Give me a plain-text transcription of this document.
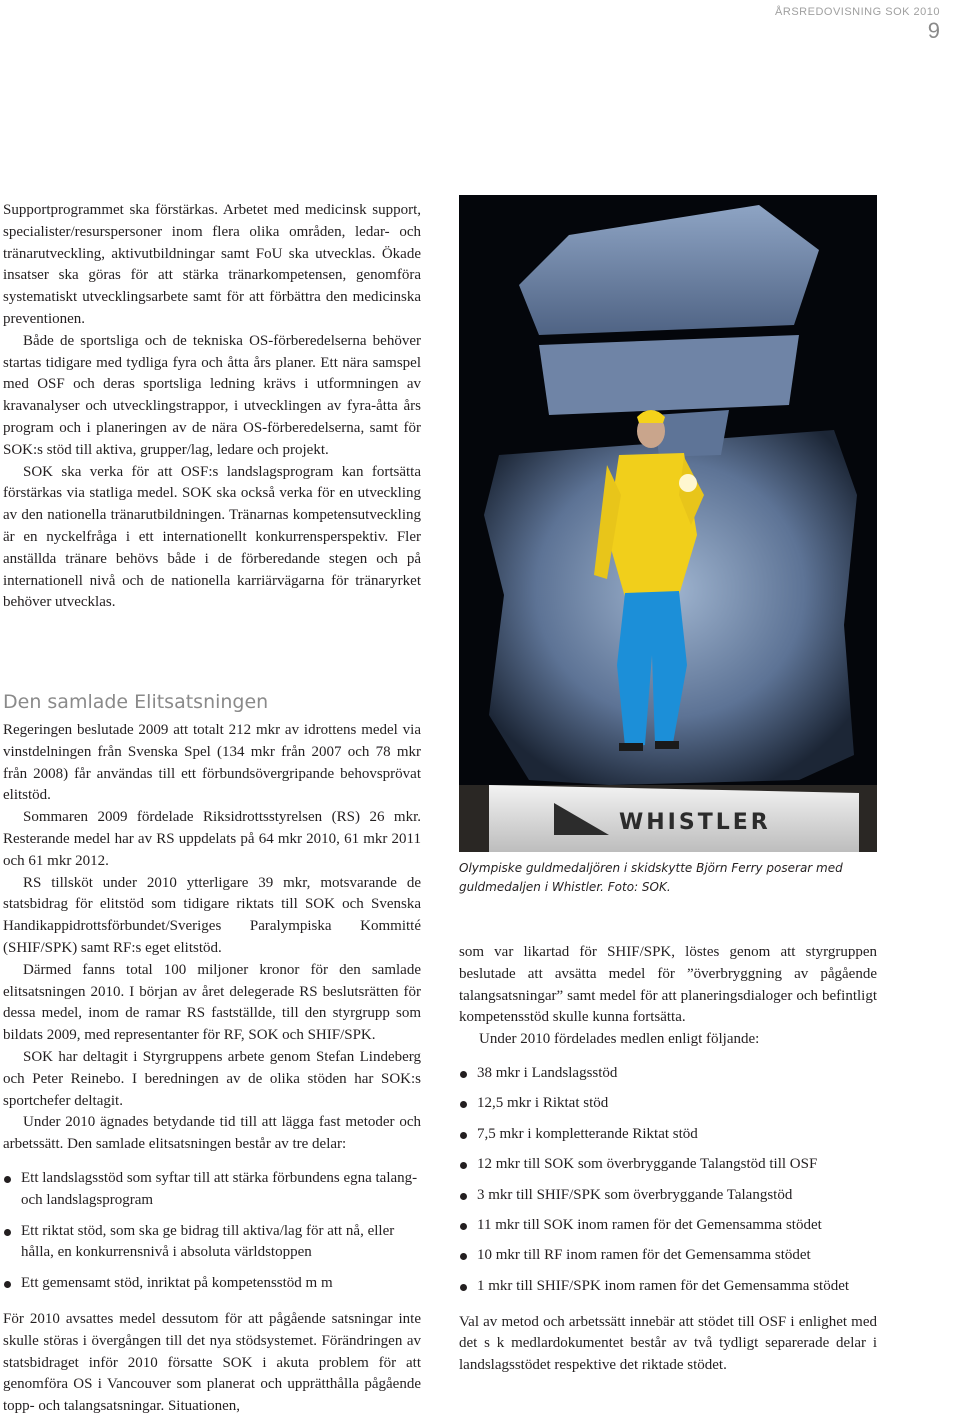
ÅRSREDOVISNING SOK 2010
9

Supportprogrammet ska förstärkas. Arbetet med medicinsk support, specialister/resurspersoner inom flera olika områden, ledar- och tränarutveckling, aktivutbildningar samt FoU ska utvecklas. Ökade insatser ska göras för att stärka tränarkompetensen, genomföra systematiskt utvecklingsarbete samt för att förbättra den medicinska preventionen.

Både de sportsliga och de tekniska OS-förberedelserna behöver startas tidigare med tydliga fyra och åtta års planer. Ett nära samspel med OSF och deras sportsliga ledning krävs i utformningen av kravanalyser och utvecklingstrappor, i utvecklingen av fyra-åtta års program och i planeringen av de nära OS-förberedelserna, samt för SOK:s stöd till aktiva, grupper/lag, ledare och projekt.

SOK ska verka för att OSF:s landslagsprogram kan fortsätta förstärkas via statliga medel. SOK ska också verka för en utveckling av den nationella tränarutbildningen. Tränarnas kompetensutveckling är en nyckelfråga i ett internationellt konkurrensperspektiv. Fler anställda tränare behövs både i de förberedande stegen och på internationell nivå och de nationella karriärvägarna för tränaryrket behöver utvecklas.

Den samlade Elitsatsningen

Regeringen beslutade 2009 att totalt 212 mkr av idrottens medel via vinstdelningen från Svenska Spel (134 mkr från 2007 och 78 mkr från 2008) får användas till ett förbundsövergripande behovsprövat elitstöd.

Sommaren 2009 fördelade Riksidrottsstyrelsen (RS) 26 mkr. Resterande medel har av RS uppdelats på 64 mkr 2010, 61 mkr 2011 och 61 mkr 2012.

RS tillsköt under 2010 ytterligare 39 mkr, motsvarande de statsbidrag för elitstöd som tidigare riktats till SOK och Svenska Handikappidrottsförbundet/Sveriges Paralympiska Kommitté (SHIF/SPK) samt RF:s eget elitstöd.

Därmed fanns total 100 miljoner kronor för den samlade elitsatsningen 2010. I början av året delegerade RS beslutsrätten för dessa medel, inom de ramar RS fastställde, till den styrgrupp som bildats 2009, med representanter för RF, SOK och SHIF/SPK.

SOK har deltagit i Styrgruppens arbete genom Stefan Lindeberg och Peter Reinebo. I beredningen av de olika stöden har SOK:s sportchefer deltagit.

Under 2010 ägnades betydande tid till att lägga fast metoder och arbetssätt. Den samlade elitsatsningen består av tre delar:

Ett landslagsstöd som syftar till att stärka förbundens egna talang- och landslagsprogram
Ett riktat stöd, som ska ge bidrag till aktiva/lag för att nå, eller hålla, en konkurrensnivå i absoluta världstoppen
Ett gemensamt stöd, inriktat på kompetensstöd m m

För 2010 avsattes medel dessutom för att pågående satsningar inte skulle störas i övergången till det nya stödsystemet. Förändringen av statsbidraget inför 2010 försatte SOK i akuta problem för att genomföra OS i Vancouver som planerat och upprätthålla pågående topp- och talangsatsningar. Situationen,

WHISTLER
Olympiske guldmedaljören i skidskytte Björn Ferry poserar med guldmedaljen i Whistler. Foto: SOK.

som var likartad för SHIF/SPK, löstes genom att styrgruppen beslutade att avsätta medel för ”överbryggning av pågående talangsatsningar” samt medel för att planeringsdialoger och befintligt kompetensstöd skulle kunna fortsätta.

Under 2010 fördelades medlen enligt följande:

38 mkr i Landslagsstöd
12,5 mkr i Riktat stöd
7,5 mkr i kompletterande Riktat stöd
12 mkr till SOK som överbryggande Talangstöd till OSF
3 mkr till SHIF/SPK som överbryggande Talangstöd
11 mkr till SOK inom ramen för det Gemensamma stödet
10 mkr till RF inom ramen för det Gemensamma stödet
1 mkr till SHIF/SPK inom ramen för det Gemensamma stödet

Val av metod och arbetssätt innebär att stödet till OSF i enlighet med det s k medlardokumentet består av två tydligt separerade delar i landslagsstödet respektive det riktade stödet.
